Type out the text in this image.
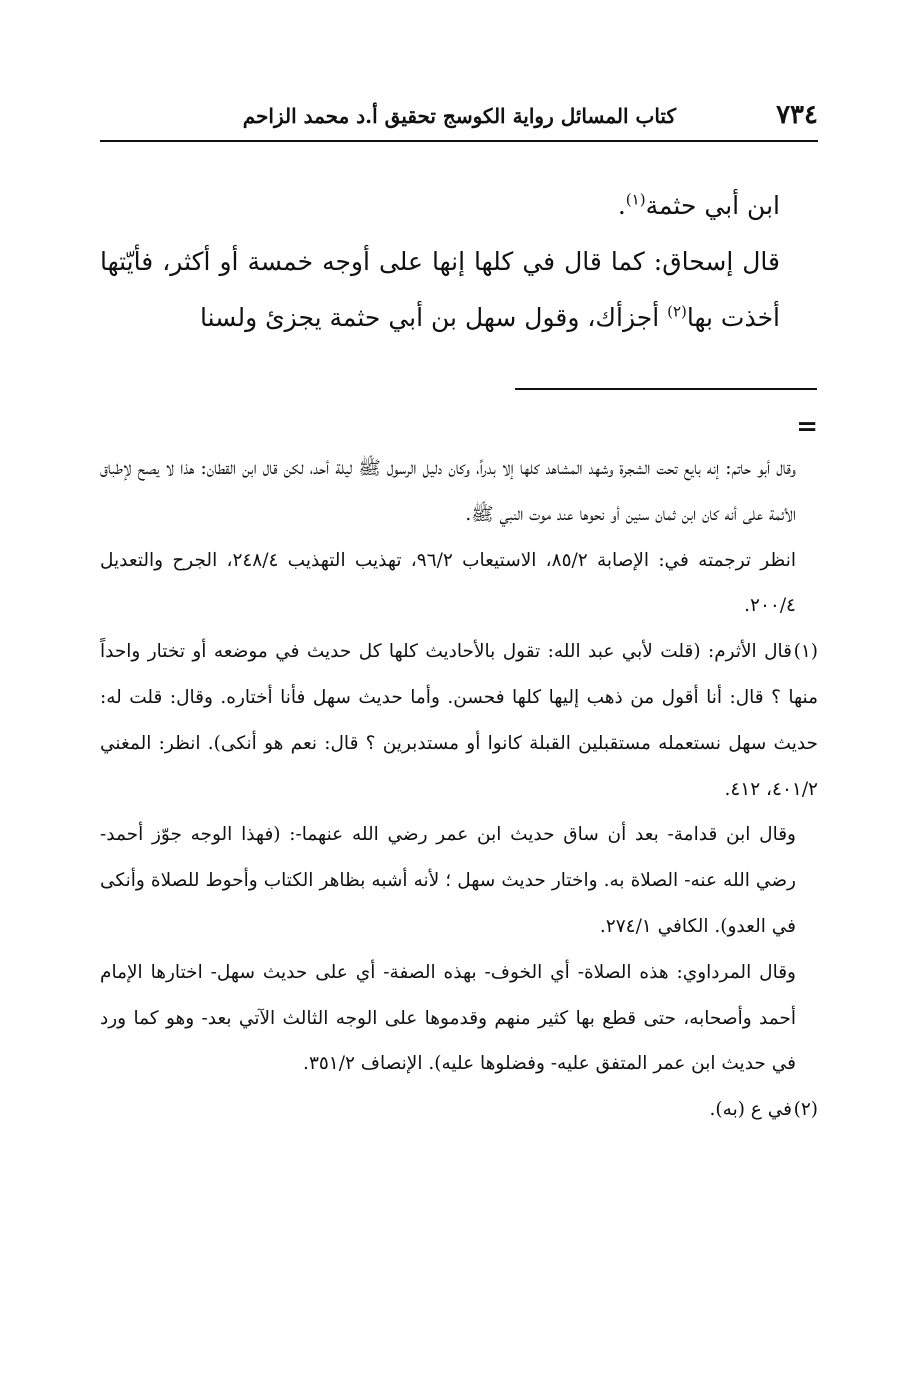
٧٣٤
كتاب المسائل رواية الكوسج تحقيق أ.د محمد الزاحم

ابن أبي حثمة$^{(١)}$.

قال إسحاق: كما قال في كلها إنها على أوجه خمسة أو أكثر، فأيّتها أخذت بها$^{(٢)}$ أجزأك، وقول سهل بن أبي حثمة يجزئ ولسنا

=

وقال أبو حاتم: إنه بايع تحت الشجرة وشهد المشاهد كلها إلا بدراً، وكان دليل الرسول ﷺ ليلة أحد، لكن قال ابن القطان: هذا لا يصح لإطباق الأئمة على أنه كان ابن ثمان سنين أو نحوها عند موت النبي ﷺ.

انظر ترجمته في: الإصابة ٨٥/٢، الاستيعاب ٩٦/٢، تهذيب التهذيب ٢٤٨/٤، الجرح والتعديل ٢٠٠/٤.

(١)قال الأثرم: (قلت لأبي عبد الله: تقول بالأحاديث كلها كل حديث في موضعه أو تختار واحداً منها ؟ قال: أنا أقول من ذهب إليها كلها فحسن. وأما حديث سهل فأنا أختاره. وقال: قلت له: حديث سهل نستعمله مستقبلين القبلة كانوا أو مستدبرين ؟ قال: نعم هو أنكى). انظر: المغني ٤٠١/٢، ٤١٢.

وقال ابن قدامة- بعد أن ساق حديث ابن عمر رضي الله عنهما-: (فهذا الوجه جوّز أحمد- رضي الله عنه- الصلاة به. واختار حديث سهل ؛ لأنه أشبه بظاهر الكتاب وأحوط للصلاة وأنكى في العدو). الكافي ٢٧٤/١.

وقال المرداوي: هذه الصلاة- أي الخوف- بهذه الصفة- أي على حديث سهل- اختارها الإمام أحمد وأصحابه، حتى قطع بها كثير منهم وقدموها على الوجه الثالث الآتي بعد- وهو كما ورد في حديث ابن عمر المتفق عليه- وفضلوها عليه). الإنصاف ٣٥١/٢.

(٢)في ع (به).
